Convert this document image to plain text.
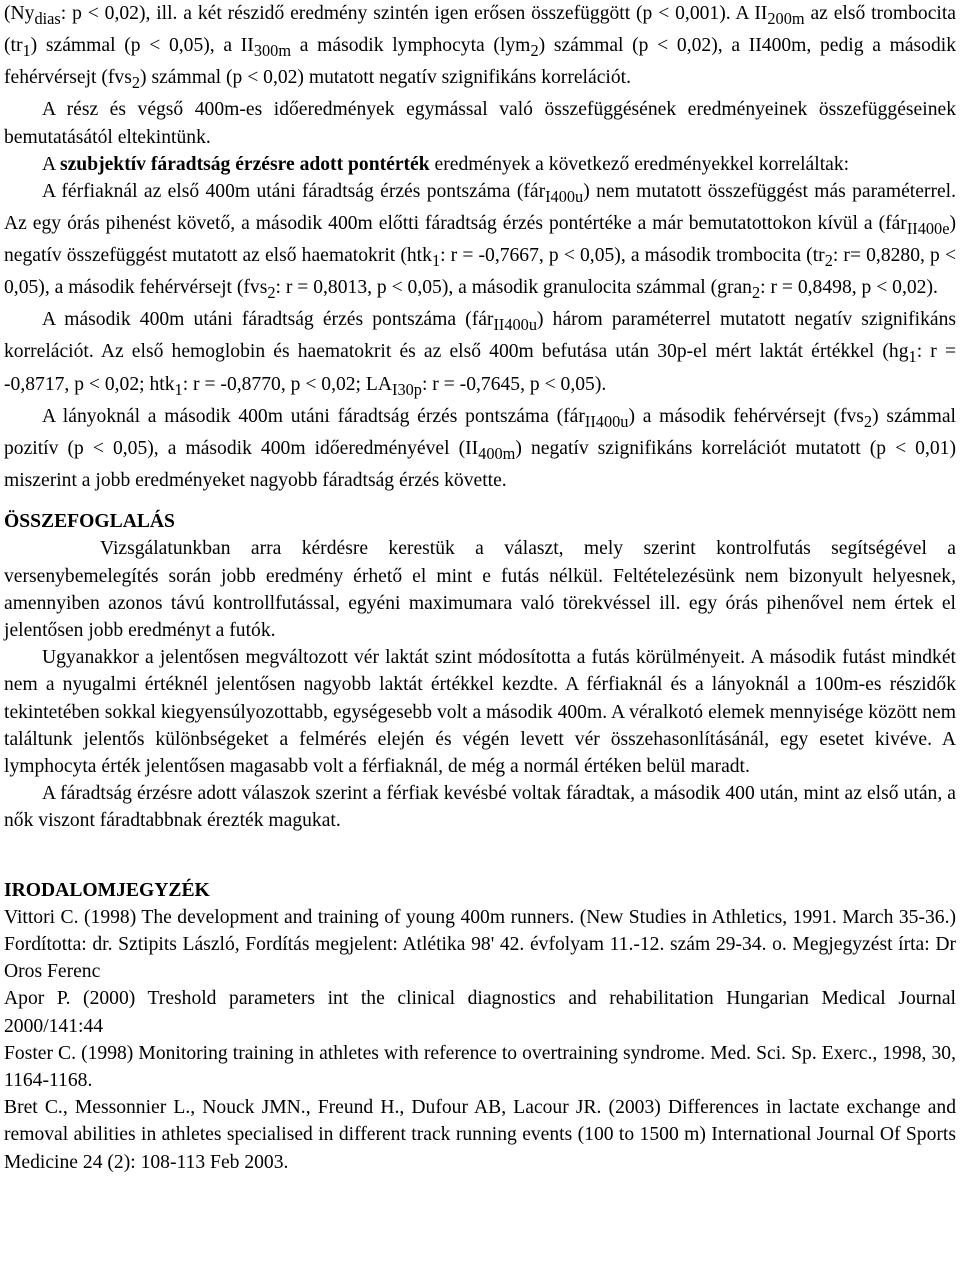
($Ny_{dias}$: p < 0,02), ill. a két részidő eredmény szintén igen erősen összefüggött (p < 0,001). A $II_{200m}$ az első trombocita $(tr_1)$ számmal (p < 0,05), a $II_{300m}$ a második lymphocyta (lym$_2$) számmal (p < 0,02), a II400m, pedig a második fehérvérsejt (fvs$_2$) számmal (p < 0,02) mutatott negatív szignifikáns korrelációt.

A rész és végső 400m-es időeredmények egymással való összefüggésének eredményeinek összefüggéseinek bemutatásától eltekintünk.

A szubjektív fáradtság érzésre adott pontérték eredmények a következő eredményekkel korreláltak:

A férfiaknál az első 400m utáni fáradtság érzés pontszáma (fár$_{I400u}$) nem mutatott összefüggést más paraméterrel. Az egy órás pihenést követő, a második 400m előtti fáradtság érzés pontértéke a már bemutatottokon kívül a (fár$_{II400e}$) negatív összefüggést mutatott az első haematokrit (htk$_1$: r = -0,7667, p < 0,05), a második trombocita ($tr_2$: r= 0,8280, p < 0,05), a második fehérvérsejt (fvs$_2$: r = 0,8013, p < 0,05), a második granulocita számmal (gran$_2$: r = 0,8498, p < 0,02).

A második 400m utáni fáradtság érzés pontszáma (fár$_{II400u}$) három paraméterrel mutatott negatív szignifikáns korrelációt. Az első hemoglobin és haematokrit és az első 400m befutása után 30p-el mért laktát értékkel ($hg_1$: r = -0,8717, p < 0,02; htk$_1$: r = -0,8770, p < 0,02; $LA_{I30p}$: r = -0,7645, p < 0,05).

A lányoknál a második 400m utáni fáradtság érzés pontszáma (fár$_{II400u}$) a második fehérvérsejt (fvs$_2$) számmal pozitív (p < 0,05), a második 400m időeredményével $(II_{400m})$ negatív szignifikáns korrelációt mutatott (p < 0,01) miszerint a jobb eredményeket nagyobb fáradtság érzés követte.

ÖSSZEFOGLALÁS

Vizsgálatunkban arra kérdésre kerestük a választ, mely szerint kontrolfutás segítségével a versenybemelegítés során jobb eredmény érhető el mint e futás nélkül. Feltételezésünk nem bizonyult helyesnek, amennyiben azonos távú kontrollfutással, egyéni maximumara való törekvéssel ill. egy órás pihenővel nem értek el jelentősen jobb eredményt a futók.

Ugyanakkor a jelentősen megváltozott vér laktát szint módosította a futás körülményeit. A második futást mindkét nem a nyugalmi értéknél jelentősen nagyobb laktát értékkel kezdte. A férfiaknál és a lányoknál a 100m-es részidők tekintetében sokkal kiegyensúlyozottabb, egységesebb volt a második 400m. A véralkotó elemek mennyisége között nem találtunk jelentős különbségeket a felmérés elején és végén levett vér összehasonlításánál, egy esetet kivéve. A lymphocyta érték jelentősen magasabb volt a férfiaknál, de még a normál értéken belül maradt.

A fáradtság érzésre adott válaszok szerint a férfiak kevésbé voltak fáradtak, a második 400 után, mint az első után, a nők viszont fáradtabbnak érezték magukat.

IRODALOMJEGYZÉK

Vittori C. (1998) The development and training of young 400m runners. (New Studies in Athletics, 1991. March 35-36.) Fordította: dr. Sztipits László, Fordítás megjelent: Atlétika 98' 42. évfolyam 11.-12. szám 29-34. o. Megjegyzést írta: Dr Oros Ferenc

Apor P. (2000) Treshold parameters int the clinical diagnostics and rehabilitation Hungarian Medical Journal 2000/141:44

Foster C. (1998) Monitoring training in athletes with reference to overtraining syndrome. Med. Sci. Sp. Exerc., 1998, 30, 1164-1168.

Bret C., Messonnier L., Nouck JMN., Freund H., Dufour AB, Lacour JR. (2003) Differences in lactate exchange and removal abilities in athletes specialised in different track running events (100 to 1500 m) International Journal Of Sports Medicine 24 (2): 108-113 Feb 2003.
